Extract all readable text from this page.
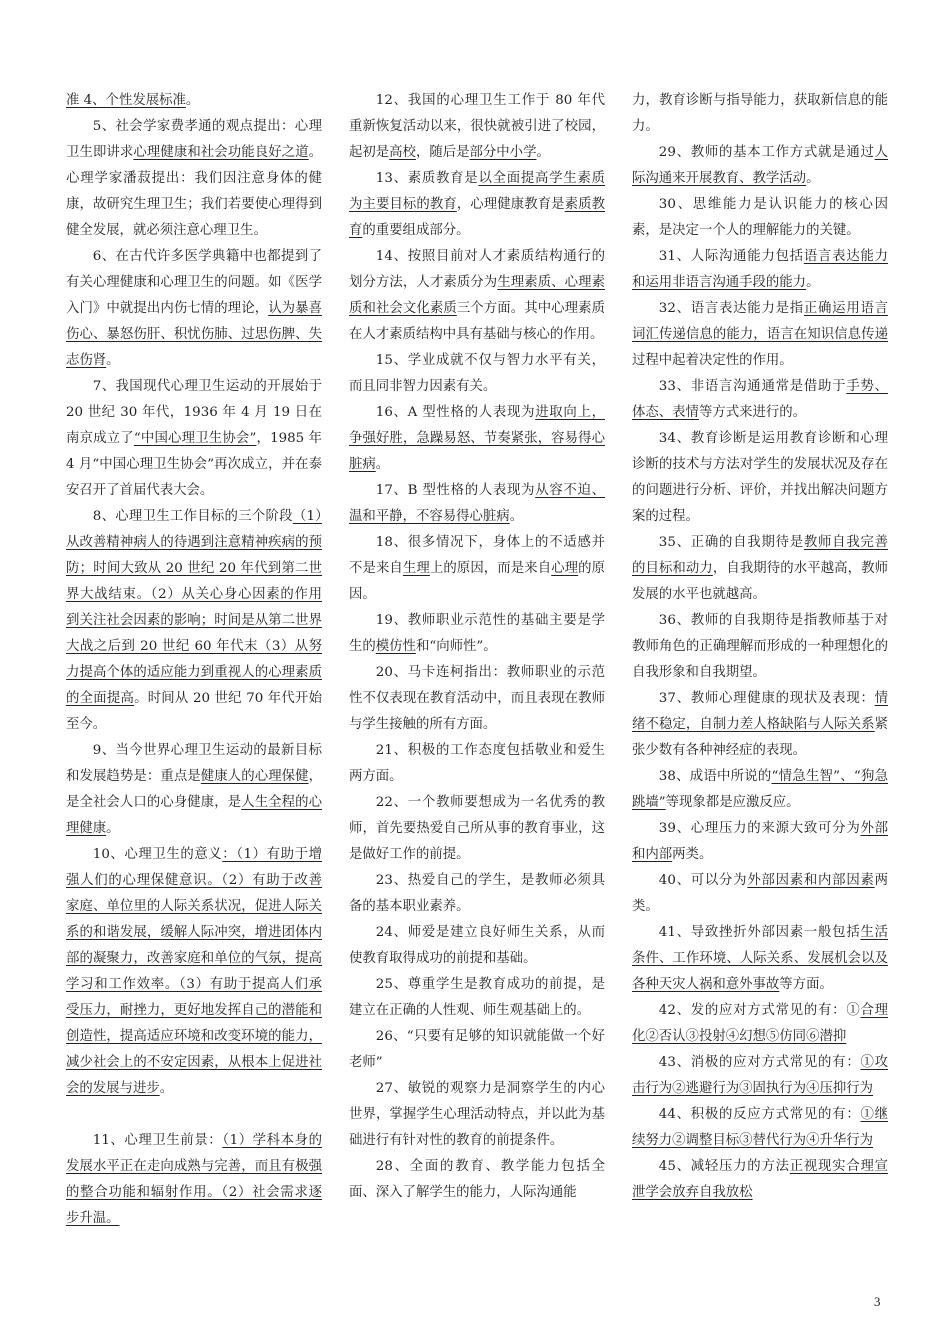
准 4、个性发展标准。

5、社会学家费孝通的观点提出：心理卫生即讲求心理健康和社会功能良好之道。心理学家潘菽提出：我们因注意身体的健康，故研究生理卫生；我们若要使心理得到健全发展，就必须注意心理卫生。

6、在古代许多医学典籍中也都提到了有关心理健康和心理卫生的问题。如《医学入门》中就提出内伤七情的理论，认为暴喜伤心、暴怒伤肝、积忧伤肺、过思伤脾、失志伤肾。

7、我国现代心理卫生运动的开展始于 20 世纪 30 年代，1936 年 4 月 19 日在南京成立了“中国心理卫生协会”，1985 年 4 月“中国心理卫生协会”再次成立，并在泰安召开了首届代表大会。

8、心理卫生工作目标的三个阶段（1）从改善精神病人的待遇到注意精神疾病的预防；时间大致从 20 世纪 20 年代到第二世界大战结束。（2）从关心身心因素的作用到关注社会因素的影响；时间是从第二世界大战之后到 20 世纪 60 年代末（3）从努力提高个体的适应能力到重视人的心理素质的全面提高。时间从 20 世纪 70 年代开始至今。

9、当今世界心理卫生运动的最新目标和发展趋势是：重点是健康人的心理保健，是全社会人口的心身健康，是人生全程的心理健康。

10、心理卫生的意义：（1）有助于增强人们的心理保健意识。（2）有助于改善家庭、单位里的人际关系状况，促进人际关系的和谐发展，缓解人际冲突，增进团体内部的凝聚力，改善家庭和单位的气氛，提高学习和工作效率。（3）有助于提高人们承受压力，耐挫力，更好地发挥自己的潜能和创造性，提高适应环境和改变环境的能力，减少社会上的不安定因素，从根本上促进社会的发展与进步。

11、心理卫生前景：（1）学科本身的发展水平正在走向成熟与完善，而且有极强的整合功能和辐射作用。（2）社会需求逐步升温。

12、我国的心理卫生工作于 80 年代重新恢复活动以来，很快就被引进了校园，起初是高校，随后是部分中小学。

13、素质教育是以全面提高学生素质为主要目标的教育，心理健康教育是素质教育的重要组成部分。

14、按照目前对人才素质结构通行的划分方法，人才素质分为生理素质、心理素质和社会文化素质三个方面。其中心理素质在人才素质结构中具有基础与核心的作用。

15、学业成就不仅与智力水平有关，而且同非智力因素有关。

16、A 型性格的人表现为进取向上，争强好胜，急躁易怒、节奏紧张，容易得心脏病。

17、B 型性格的人表现为从容不迫、温和平静，不容易得心脏病。

18、很多情况下，身体上的不适感并不是来自生理上的原因，而是来自心理的原因。

19、教师职业示范性的基础主要是学生的模仿性和“向师性”。

20、马卡连柯指出：教师职业的示范性不仅表现在教育活动中，而且表现在教师与学生接触的所有方面。

21、积极的工作态度包括敬业和爱生两方面。

22、一个教师要想成为一名优秀的教师，首先要热爱自己所从事的教育事业，这是做好工作的前提。

23、热爱自己的学生，是教师必须具备的基本职业素养。

24、师爱是建立良好师生关系，从而使教育取得成功的前提和基础。

25、尊重学生是教育成功的前提，是建立在正确的人性观、师生观基础上的。

26、“只要有足够的知识就能做一个好老师”

27、敏锐的观察力是洞察学生的内心世界，掌握学生心理活动特点，并以此为基础进行有针对性的教育的前提条件。

28、全面的教育、教学能力包括全面、深入了解学生的能力，人际沟通能

力，教育诊断与指导能力，获取新信息的能力。

29、教师的基本工作方式就是通过人际沟通来开展教育、教学活动。

30、思维能力是认识能力的核心因素，是决定一个人的理解能力的关键。

31、人际沟通能力包括语言表达能力和运用非语言沟通手段的能力。

32、语言表达能力是指正确运用语言词汇传递信息的能力，语言在知识信息传递过程中起着决定性的作用。

33、非语言沟通通常是借助于手势、体态、表情等方式来进行的。

34、教育诊断是运用教育诊断和心理诊断的技术与方法对学生的发展状况及存在的问题进行分析、评价，并找出解决问题方案的过程。

35、正确的自我期待是教师自我完善的目标和动力，自我期待的水平越高，教师发展的水平也就越高。

36、教师的自我期待是指教师基于对教师角色的正确理解而形成的一种理想化的自我形象和自我期望。

37、教师心理健康的现状及表现：情绪不稳定，自制力差人格缺陷与人际关系紧张少数有各种神经症的表现。

38、成语中所说的“情急生智”、“狗急跳墙”等现象都是应激反应。

39、心理压力的来源大致可分为外部和内部两类。

40、可以分为外部因素和内部因素两类。

41、导致挫折外部因素一般包括生活条件、工作环境、人际关系、发展机会以及各种天灾人祸和意外事故等方面。

42、发的应对方式常见的有：①合理化②否认③投射④幻想⑤仿同⑥潜抑

43、消极的应对方式常见的有：①攻击行为②逃避行为③固执行为④压抑行为

44、积极的反应方式常见的有：①继续努力②调整目标③替代行为④升华行为

45、减轻压力的方法正视现实合理宣泄学会放弃自我放松

3
